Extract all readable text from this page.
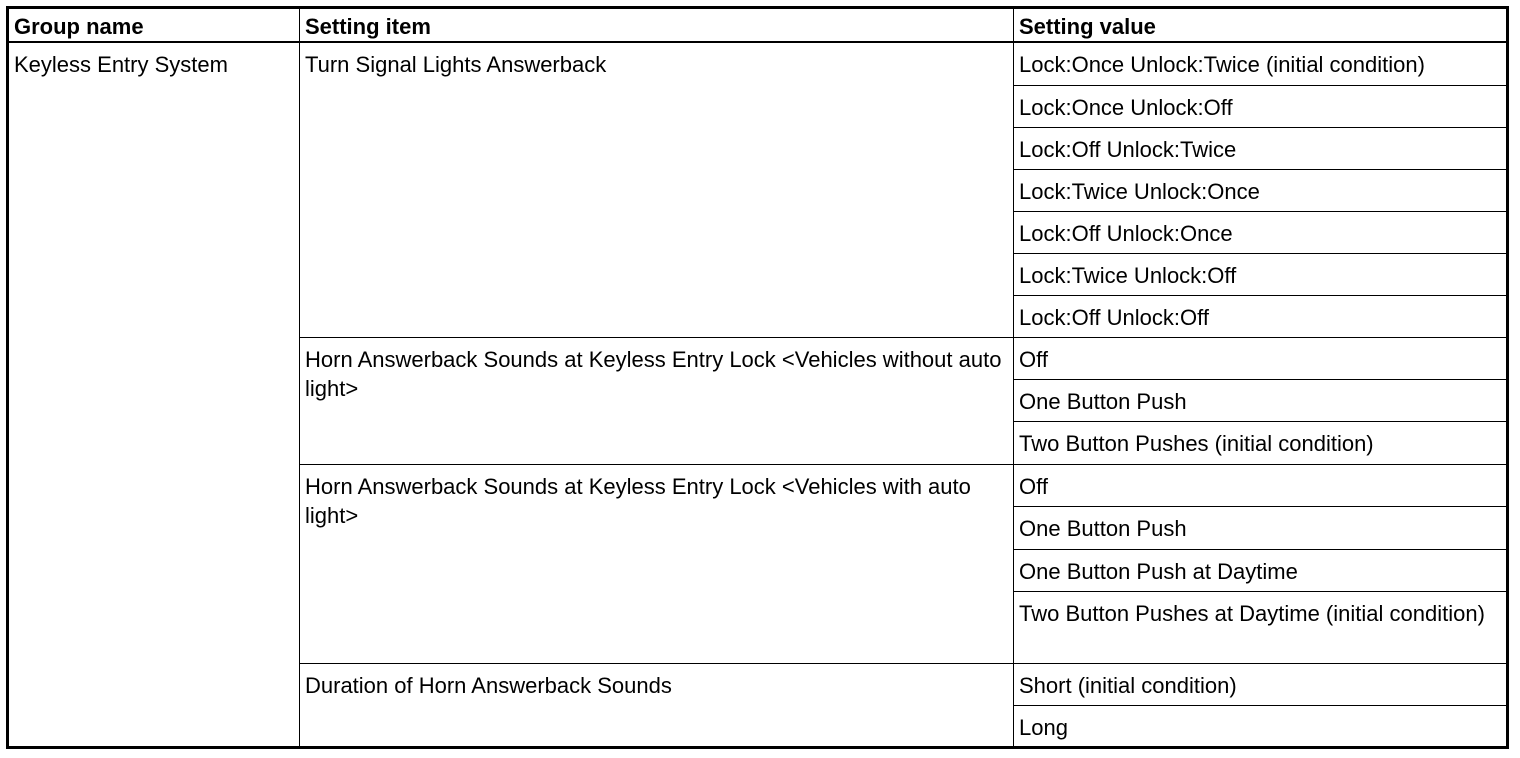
Group name	Setting item	Setting value
Keyless Entry System	Turn Signal Lights Answerback	Lock:Once Unlock:Twice (initial condition)
		Lock:Once Unlock:Off
		Lock:Off Unlock:Twice
		Lock:Twice Unlock:Once
		Lock:Off Unlock:Once
		Lock:Twice Unlock:Off
		Lock:Off Unlock:Off
	Horn Answerback Sounds at Keyless Entry Lock <Vehicles without auto light>	Off
		One Button Push
		Two Button Pushes (initial condition)
	Horn Answerback Sounds at Keyless Entry Lock <Vehicles with auto light>	Off
		One Button Push
		One Button Push at Daytime
		Two Button Pushes at Daytime (initial condition)
	Duration of Horn Answerback Sounds	Short (initial condition)
		Long
